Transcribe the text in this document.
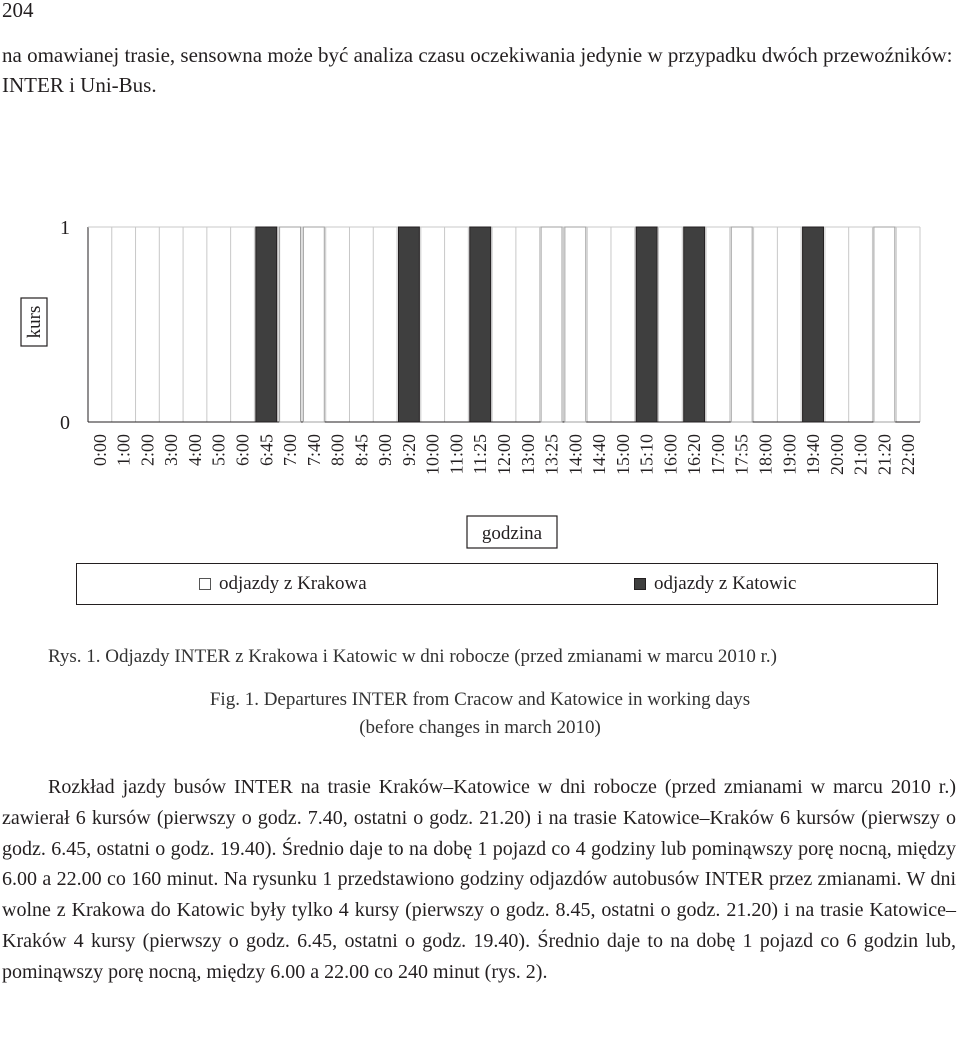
204

na omawianej trasie, sensowna może być analiza czasu oczekiwania jedynie w przypadku dwóch przewoźników: INTER i Uni-Bus.

0
1
0:00 1:00 2:00 3:00 4:00 5:00 6:00 6:45 7:00 7:40 8:00 8:45 9:00 9:20 10:00 11:00 11:25 12:00 13:00 13:25 14:00 14:40 15:00 15:10 16:00 16:20 17:00 17:55 18:00 19:00 19:40 20:00 21:00 21:20 22:00
kurs
godzina
odjazdy z Krakowa	odjazdy z Katowic
Rys. 1. Odjazdy INTER z Krakowa i Katowic w dni robocze (przed zmianami w marcu 2010 r.)
Fig. 1. Departures INTER from Cracow and Katowice in working days
(before changes in march 2010)

Rozkład jazdy busów INTER na trasie Kraków–Katowice w dni robocze (przed zmianami w marcu 2010 r.) zawierał 6 kursów (pierwszy o godz. 7.40, ostatni o godz. 21.20) i na trasie Katowice–Kraków 6 kursów (pierwszy o godz. 6.45, ostatni o godz. 19.40). Średnio daje to na dobę 1 pojazd co 4 godziny lub pominąwszy porę nocną, między 6.00 a 22.00 co 160 minut. Na rysunku 1 przedstawiono godziny odjazdów autobusów INTER przez zmianami. W dni wolne z Krakowa do Katowic były tylko 4 kursy (pierwszy o godz. 8.45, ostatni o godz. 21.20) i na trasie Katowice–Kraków 4 kursy (pierwszy o godz. 6.45, ostatni o godz. 19.40). Średnio daje to na dobę 1 pojazd co 6 godzin lub, pominąwszy porę nocną, między 6.00 a 22.00 co 240 minut (rys. 2).
